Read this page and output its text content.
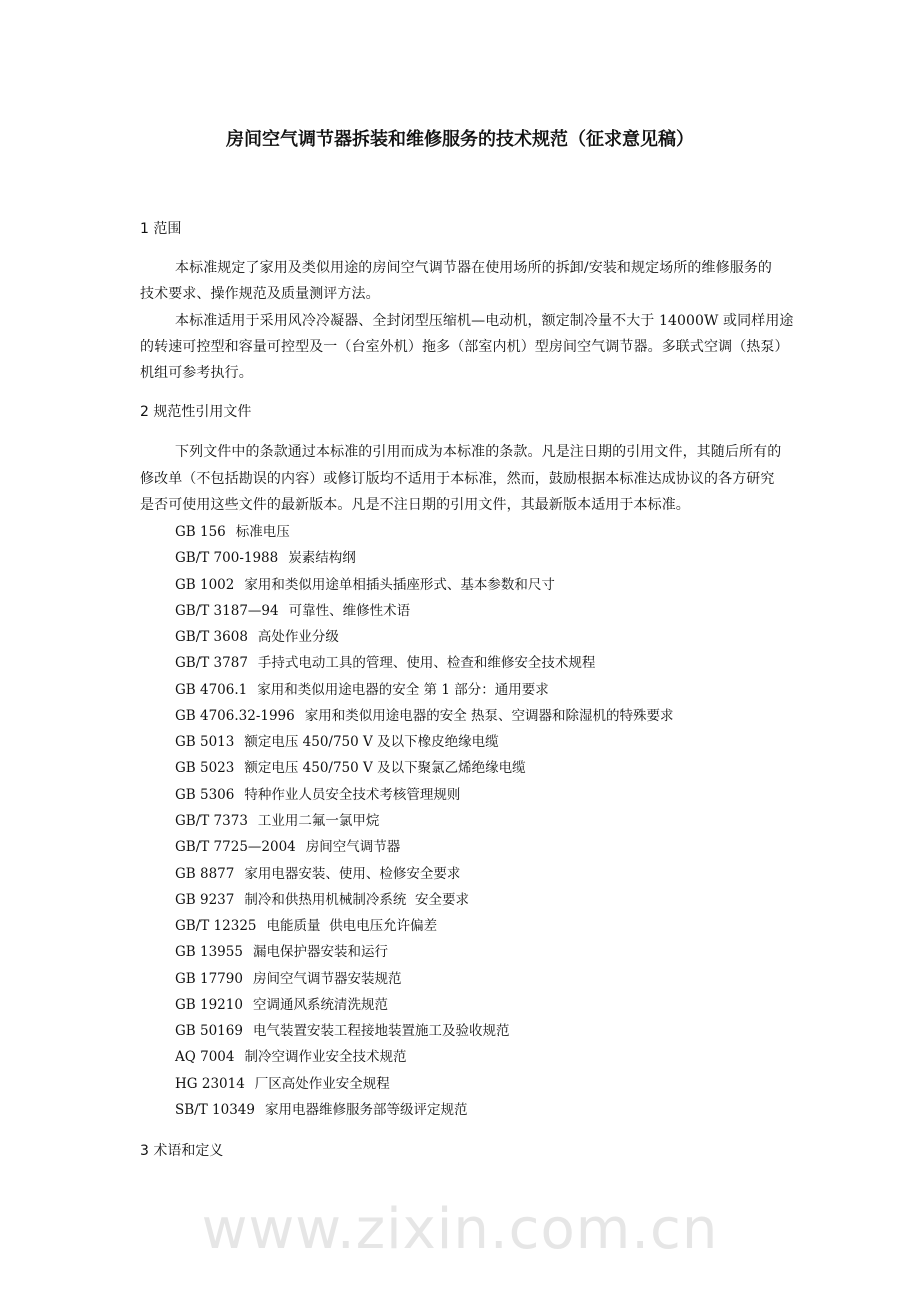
www.zixin.com.cn
房间空气调节器拆装和维修服务的技术规范（征求意见稿）
1 范围
本标准规定了家用及类似用途的房间空气调节器在使用场所的拆卸/安装和规定场所的维修服务的
技术要求、操作规范及质量测评方法。
本标准适用于采用风冷冷凝器、全封闭型压缩机—电动机，额定制冷量不大于 14000W 或同样用途
的转速可控型和容量可控型及一（台室外机）拖多（部室内机）型房间空气调节器。多联式空调（热泵）
机组可参考执行。
2 规范性引用文件
下列文件中的条款通过本标准的引用而成为本标准的条款。凡是注日期的引用文件，其随后所有的
修改单（不包括勘误的内容）或修订版均不适用于本标准，然而，鼓励根据本标准达成协议的各方研究
是否可使用这些文件的最新版本。凡是不注日期的引用文件，其最新版本适用于本标准。
GB 156 标准电压
GB/T 700-1988 炭素结构纲
GB 1002 家用和类似用途单相插头插座形式、基本参数和尺寸
GB/T 3187—94 可靠性、维修性术语
GB/T 3608 高处作业分级
GB/T 3787 手持式电动工具的管理、使用、检查和维修安全技术规程
GB 4706.1 家用和类似用途电器的安全 第 1 部分：通用要求
GB 4706.32-1996 家用和类似用途电器的安全 热泵、空调器和除湿机的特殊要求
GB 5013 额定电压 450/750 V 及以下橡皮绝缘电缆
GB 5023 额定电压 450/750 V 及以下聚氯乙烯绝缘电缆
GB 5306 特种作业人员安全技术考核管理规则
GB/T 7373 工业用二氟一氯甲烷
GB/T 7725—2004 房间空气调节器
GB 8877 家用电器安装、使用、检修安全要求
GB 9237 制冷和供热用机械制冷系统  安全要求
GB/T 12325 电能质量  供电电压允许偏差
GB 13955 漏电保护器安装和运行
GB 17790 房间空气调节器安装规范
GB 19210 空调通风系统清洗规范
GB 50169 电气装置安装工程接地装置施工及验收规范
AQ 7004 制冷空调作业安全技术规范
HG 23014 厂区高处作业安全规程
SB/T 10349 家用电器维修服务部等级评定规范
3 术语和定义
